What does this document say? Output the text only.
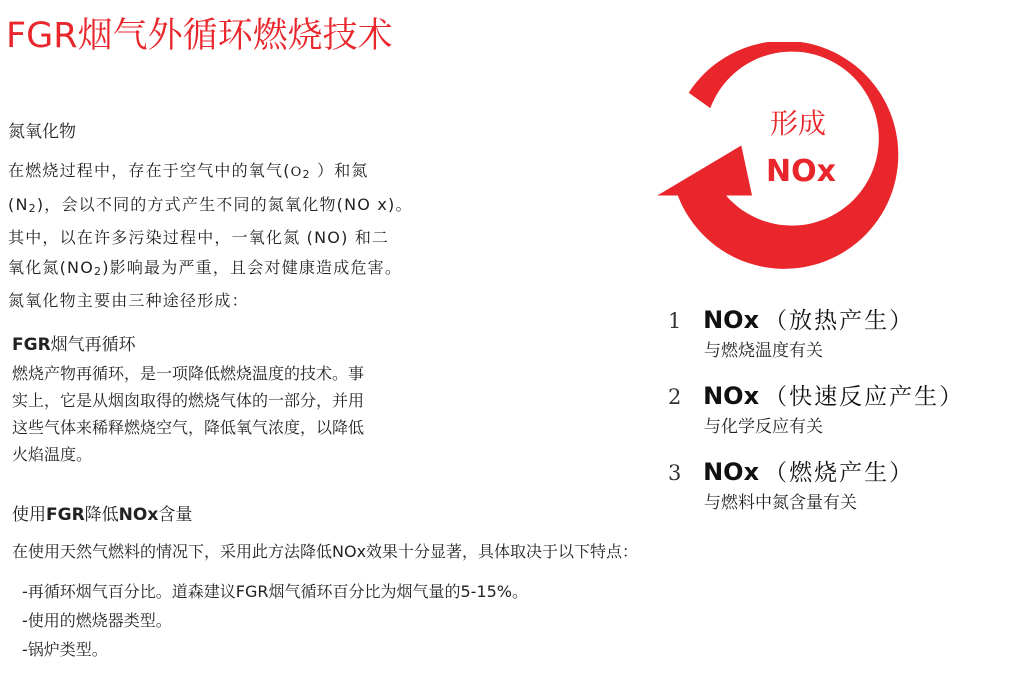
FGR烟气外循环燃烧技术
氮氧化物
在燃烧过程中，存在于空气中的氧气(O2 ）和氮
(N2)，会以不同的方式产生不同的氮氧化物(NO x)。
其中，以在许多污染过程中，一氧化氮 (NO) 和二
氧化氮(NO2)影响最为严重，且会对健康造成危害。
氮氧化物主要由三种途径形成：
FGR烟气再循环
燃烧产物再循环，是一项降低燃烧温度的技术。事
实上，它是从烟囱取得的燃烧气体的一部分，并用
这些气体来稀释燃烧空气，降低氧气浓度，以降低
火焰温度。
使用FGR降低NOx含量
在使用天然气燃料的情况下，采用此方法降低NOx效果十分显著，具体取决于以下特点：
-再循环烟气百分比。道森建议FGR烟气循环百分比为烟气量的5-15%。
-使用的燃烧器类型。
-锅炉类型。
形成
NOx
1 NOx （放热产生）
与燃烧温度有关
2 NOx （快速反应产生）
与化学反应有关
3 NOx （燃烧产生）
与燃料中氮含量有关
